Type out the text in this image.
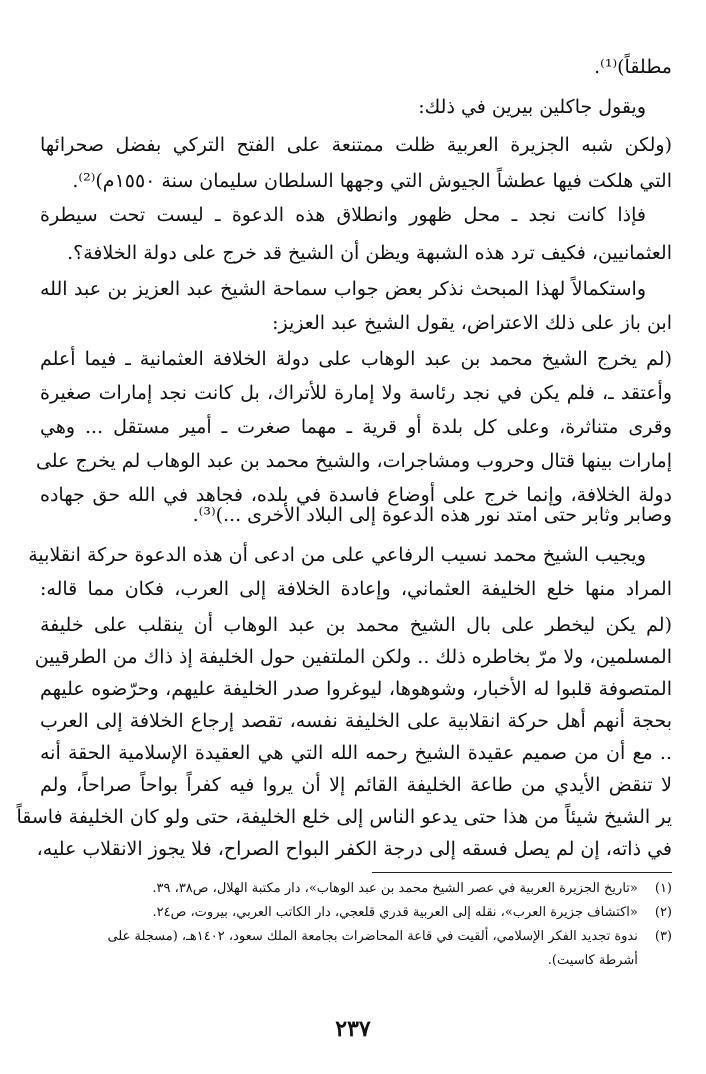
مطلقاً)⁽¹⁾.
ويقول جاكلين بيرين في ذلك:
(ولكن شبه الجزيرة العربية ظلت ممتنعة على الفتح التركي بفضل صحرائها
التي هلكت فيها عطشاً الجيوش التي وجهها السلطان سليمان سنة ١٥٥٠م)⁽²⁾.
فإذا كانت نجد ـ محل ظهور وانطلاق هذه الدعوة ـ ليست تحت سيطرة
العثمانيين، فكيف ترد هذه الشبهة ويظن أن الشيخ قد خرج على دولة الخلافة؟.
واستكمالاً لهذا المبحث نذكر بعض جواب سماحة الشيخ عبد العزيز بن عبد الله
ابن باز على ذلك الاعتراض، يقول الشيخ عبد العزيز:
(لم يخرج الشيخ محمد بن عبد الوهاب على دولة الخلافة العثمانية ـ فيما أعلم
وأعتقد ـ، فلم يكن في نجد رئاسة ولا إمارة للأتراك، بل كانت نجد إمارات صغيرة
وقرى متناثرة، وعلى كل بلدة أو قرية ـ مهما صغرت ـ أمير مستقل ... وهي
إمارات بينها قتال وحروب ومشاجرات، والشيخ محمد بن عبد الوهاب لم يخرج على
دولة الخلافة، وإنما خرج على أوضاع فاسدة في بلده، فجاهد في الله حق جهاده
وصابر وثابر حتى امتد نور هذه الدعوة إلى البلاد الأخرى ...)⁽³⁾.
ويجيب الشيخ محمد نسيب الرفاعي على من ادعى أن هذه الدعوة حركة انقلابية
المراد منها خلع الخليفة العثماني، وإعادة الخلافة إلى العرب، فكان مما قاله:
(لم يكن ليخطر على بال الشيخ محمد بن عبد الوهاب أن ينقلب على خليفة
المسلمين، ولا مرّ بخاطره ذلك .. ولكن الملتفين حول الخليفة إذ ذاك من الطرقيين
المتصوفة قلبوا له الأخبار، وشوهوها، ليوغروا صدر الخليفة عليهم، وحرّضوه عليهم
بحجة أنهم أهل حركة انقلابية على الخليفة نفسه، تقصد إرجاع الخلافة إلى العرب
.. مع أن من صميم عقيدة الشيخ رحمه الله التي هي العقيدة الإسلامية الحقة أنه
لا تنقض الأيدي من طاعة الخليفة القائم إلا أن يروا فيه كفراً بواحاً صراحاً، ولم
ير الشيخ شيئاً من هذا حتى يدعو الناس إلى خلع الخليفة، حتى ولو كان الخليفة فاسقاً
في ذاته، إن لم يصل فسقه إلى درجة الكفر البواح الصراح، فلا يجوز الانقلاب عليه،
(١) «تاريخ الجزيرة العربية في عصر الشيخ محمد بن عبد الوهاب»، دار مكتبة الهلال، ص٣٨، ٣٩.
(٢) «اكتشاف جزيرة العرب»، نقله إلى العربية قدري قلعجي، دار الكاتب العربي، بيروت، ص٢٤.
(٣) ندوة تجديد الفكر الإسلامي، ألقيت في قاعة المحاضرات بجامعة الملك سعود، ١٤٠٢هـ، (مسجلة على
أشرطة كاسيت).
٢٣٧
